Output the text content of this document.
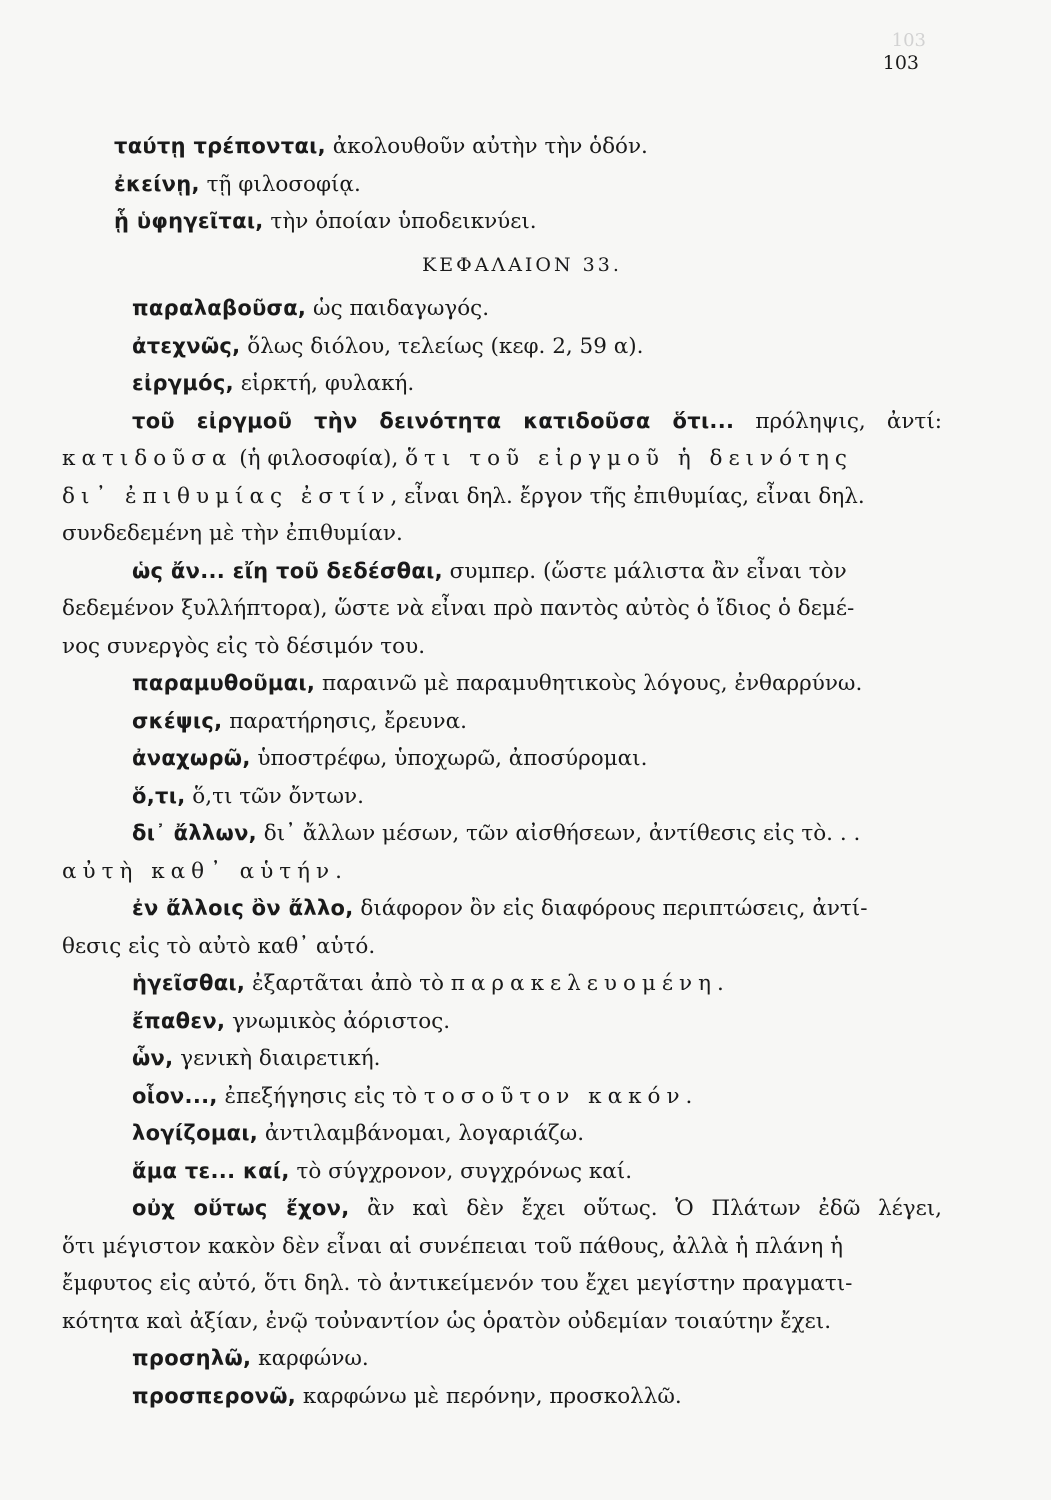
103
103
ταύτῃ τρέπονται, ἀκολουθοῦν αὐτὴν τὴν ὁδόν.
ἐκείνῃ, τῇ φιλοσοφίᾳ.
ᾗ ὑφηγεῖται, τὴν ὁποίαν ὑποδεικνύει.
ΚΕΦΑΛΑΙΟΝ 33.
παραλαβοῦσα, ὡς παιδαγωγός.
ἀτεχνῶς, ὅλως διόλου, τελείως (κεφ. 2, 59 α).
εἰργμός, εἱρκτή, φυλακή.
τοῦ εἰργμοῦ τὴν δεινότητα κατιδοῦσα ὅτι... πρόληψις, ἀντί:
κατιδοῦσα (ἡ φιλοσοφία), ὅτι τοῦ εἰργμοῦ ἡ δεινότης
δι᾽ ἐπιθυμίας ἐστίν, εἶναι δηλ. ἔργον τῆς ἐπιθυμίας, εἶναι δηλ.
συνδεδεμένη μὲ τὴν ἐπιθυμίαν.
ὡς ἄν... εἴη τοῦ δεδέσθαι, συμπερ. (ὥστε μάλιστα ἂν εἶναι τὸν
δεδεμένον ξυλλήπτορα), ὥστε νὰ εἶναι πρὸ παντὸς αὐτὸς ὁ ἴδιος ὁ δεμέ-
νος συνεργὸς εἰς τὸ δέσιμόν του.
παραμυθοῦμαι, παραινῶ μὲ παραμυθητικοὺς λόγους, ἐνθαρρύνω.
σκέψις, παρατήρησις, ἔρευνα.
ἀναχωρῶ, ὑποστρέφω, ὑποχωρῶ, ἀποσύρομαι.
ὅ,τι, ὅ,τι τῶν ὄντων.
δι᾽ ἄλλων, δι᾽ ἄλλων μέσων, τῶν αἰσθήσεων, ἀντίθεσις εἰς τὸ. . .
αὐτὴ καθ᾽ αὑτήν.
ἐν ἄλλοις ὂν ἄλλο, διάφορον ὂν εἰς διαφόρους περιπτώσεις, ἀντί-
θεσις εἰς τὸ αὐτὸ καθ᾽ αὑτό.
ἡγεῖσθαι, ἐξαρτᾶται ἀπὸ τὸ παρακελευομένη.
ἔπαθεν, γνωμικὸς ἀόριστος.
ὧν, γενικὴ διαιρετική.
οἷον..., ἐπεξήγησις εἰς τὸ τοσοῦτον κακόν.
λογίζομαι, ἀντιλαμβάνομαι, λογαριάζω.
ἅμα τε... καί, τὸ σύγχρονον, συγχρόνως καί.
οὐχ οὕτως ἔχον, ἂν καὶ δὲν ἔχει οὕτως. Ὁ Πλάτων ἐδῶ λέγει,
ὅτι μέγιστον κακὸν δὲν εἶναι αἱ συνέπειαι τοῦ πάθους, ἀλλὰ ἡ πλάνη ἡ
ἔμφυτος εἰς αὐτό, ὅτι δηλ. τὸ ἀντικείμενόν του ἔχει μεγίστην πραγματι-
κότητα καὶ ἀξίαν, ἐνῷ τοὐναντίον ὡς ὁρατὸν οὐδεμίαν τοιαύτην ἔχει.
προσηλῶ, καρφώνω.
προσπερονῶ, καρφώνω μὲ περόνην, προσκολλῶ.
